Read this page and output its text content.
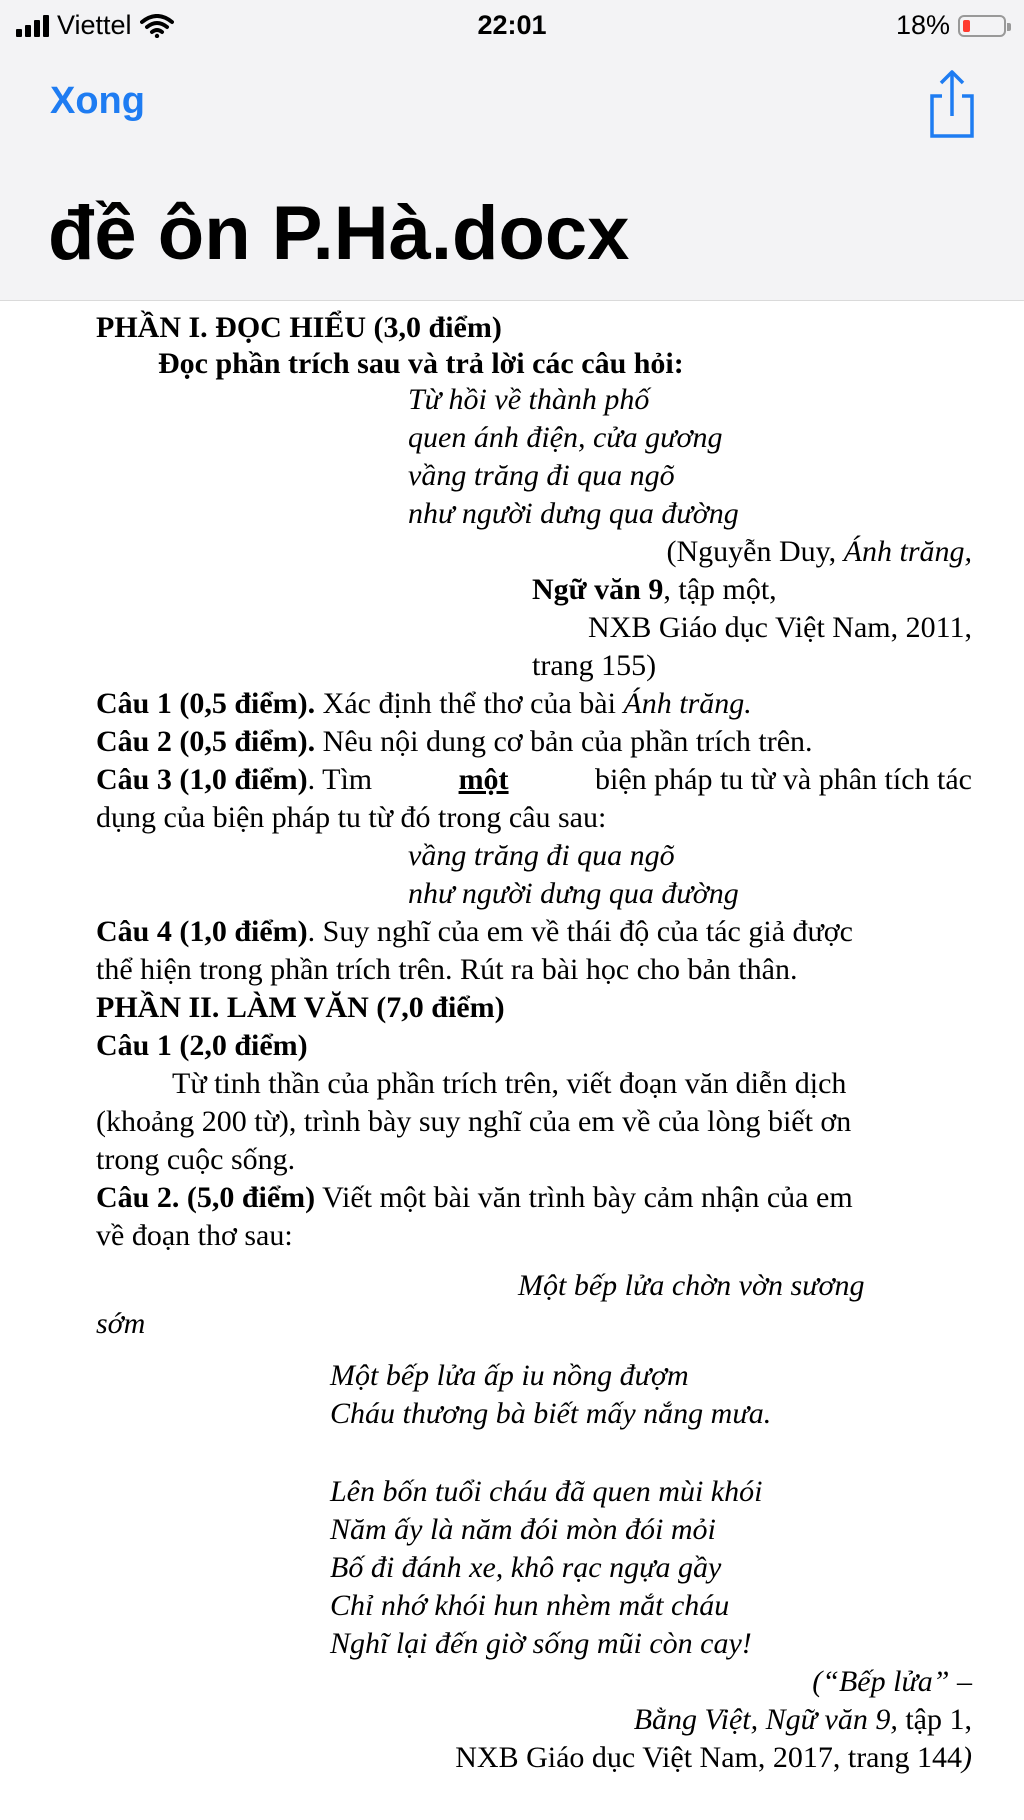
Viettel	22:01	18%
Xong
đề ôn P.Hà.docx
PHẦN I. ĐỌC HIỂU (3,0 điểm)
Đọc phần trích sau và trả lời các câu hỏi:
Từ hồi về thành phố
quen ánh điện, cửa gương
vầng trăng đi qua ngõ
như người dưng qua đường
(Nguyễn Duy, Ánh trăng,
Ngữ văn 9, tập một,
NXB Giáo dục Việt Nam, 2011,
trang 155)
Câu 1 (0,5 điểm). Xác định thể thơ của bài Ánh trăng.
Câu 2 (0,5 điểm). Nêu nội dung cơ bản của phần trích trên.
Câu 3 (1,0 điểm). Tìm	một	biện pháp tu từ và phân tích tác
dụng của biện pháp tu từ đó trong câu sau:
vầng trăng đi qua ngõ
như người dưng qua đường
Câu 4 (1,0 điểm). Suy nghĩ của em về thái độ của tác giả được
thể hiện trong phần trích trên. Rút ra bài học cho bản thân.
PHẦN II. LÀM VĂN (7,0 điểm)
Câu 1 (2,0 điểm)
Từ tinh thần của phần trích trên, viết đoạn văn diễn dịch
(khoảng 200 từ), trình bày suy nghĩ của em về của lòng biết ơn
trong cuộc sống.
Câu 2. (5,0 điểm) Viết một bài văn trình bày cảm nhận của em
về đoạn thơ sau:
Một bếp lửa chờn vờn sương
sớm
Một bếp lửa ấp iu nồng đượm
Cháu thương bà biết mấy nắng mưa.
Lên bốn tuổi cháu đã quen mùi khói
Năm ấy là năm đói mòn đói mỏi
Bố đi đánh xe, khô rạc ngựa gầy
Chỉ nhớ khói hun nhèm mắt cháu
Nghĩ lại đến giờ sống mũi còn cay!
(“Bếp lửa” –
Bằng Việt, Ngữ văn 9, tập 1,
NXB Giáo dục Việt Nam, 2017, trang 144)
